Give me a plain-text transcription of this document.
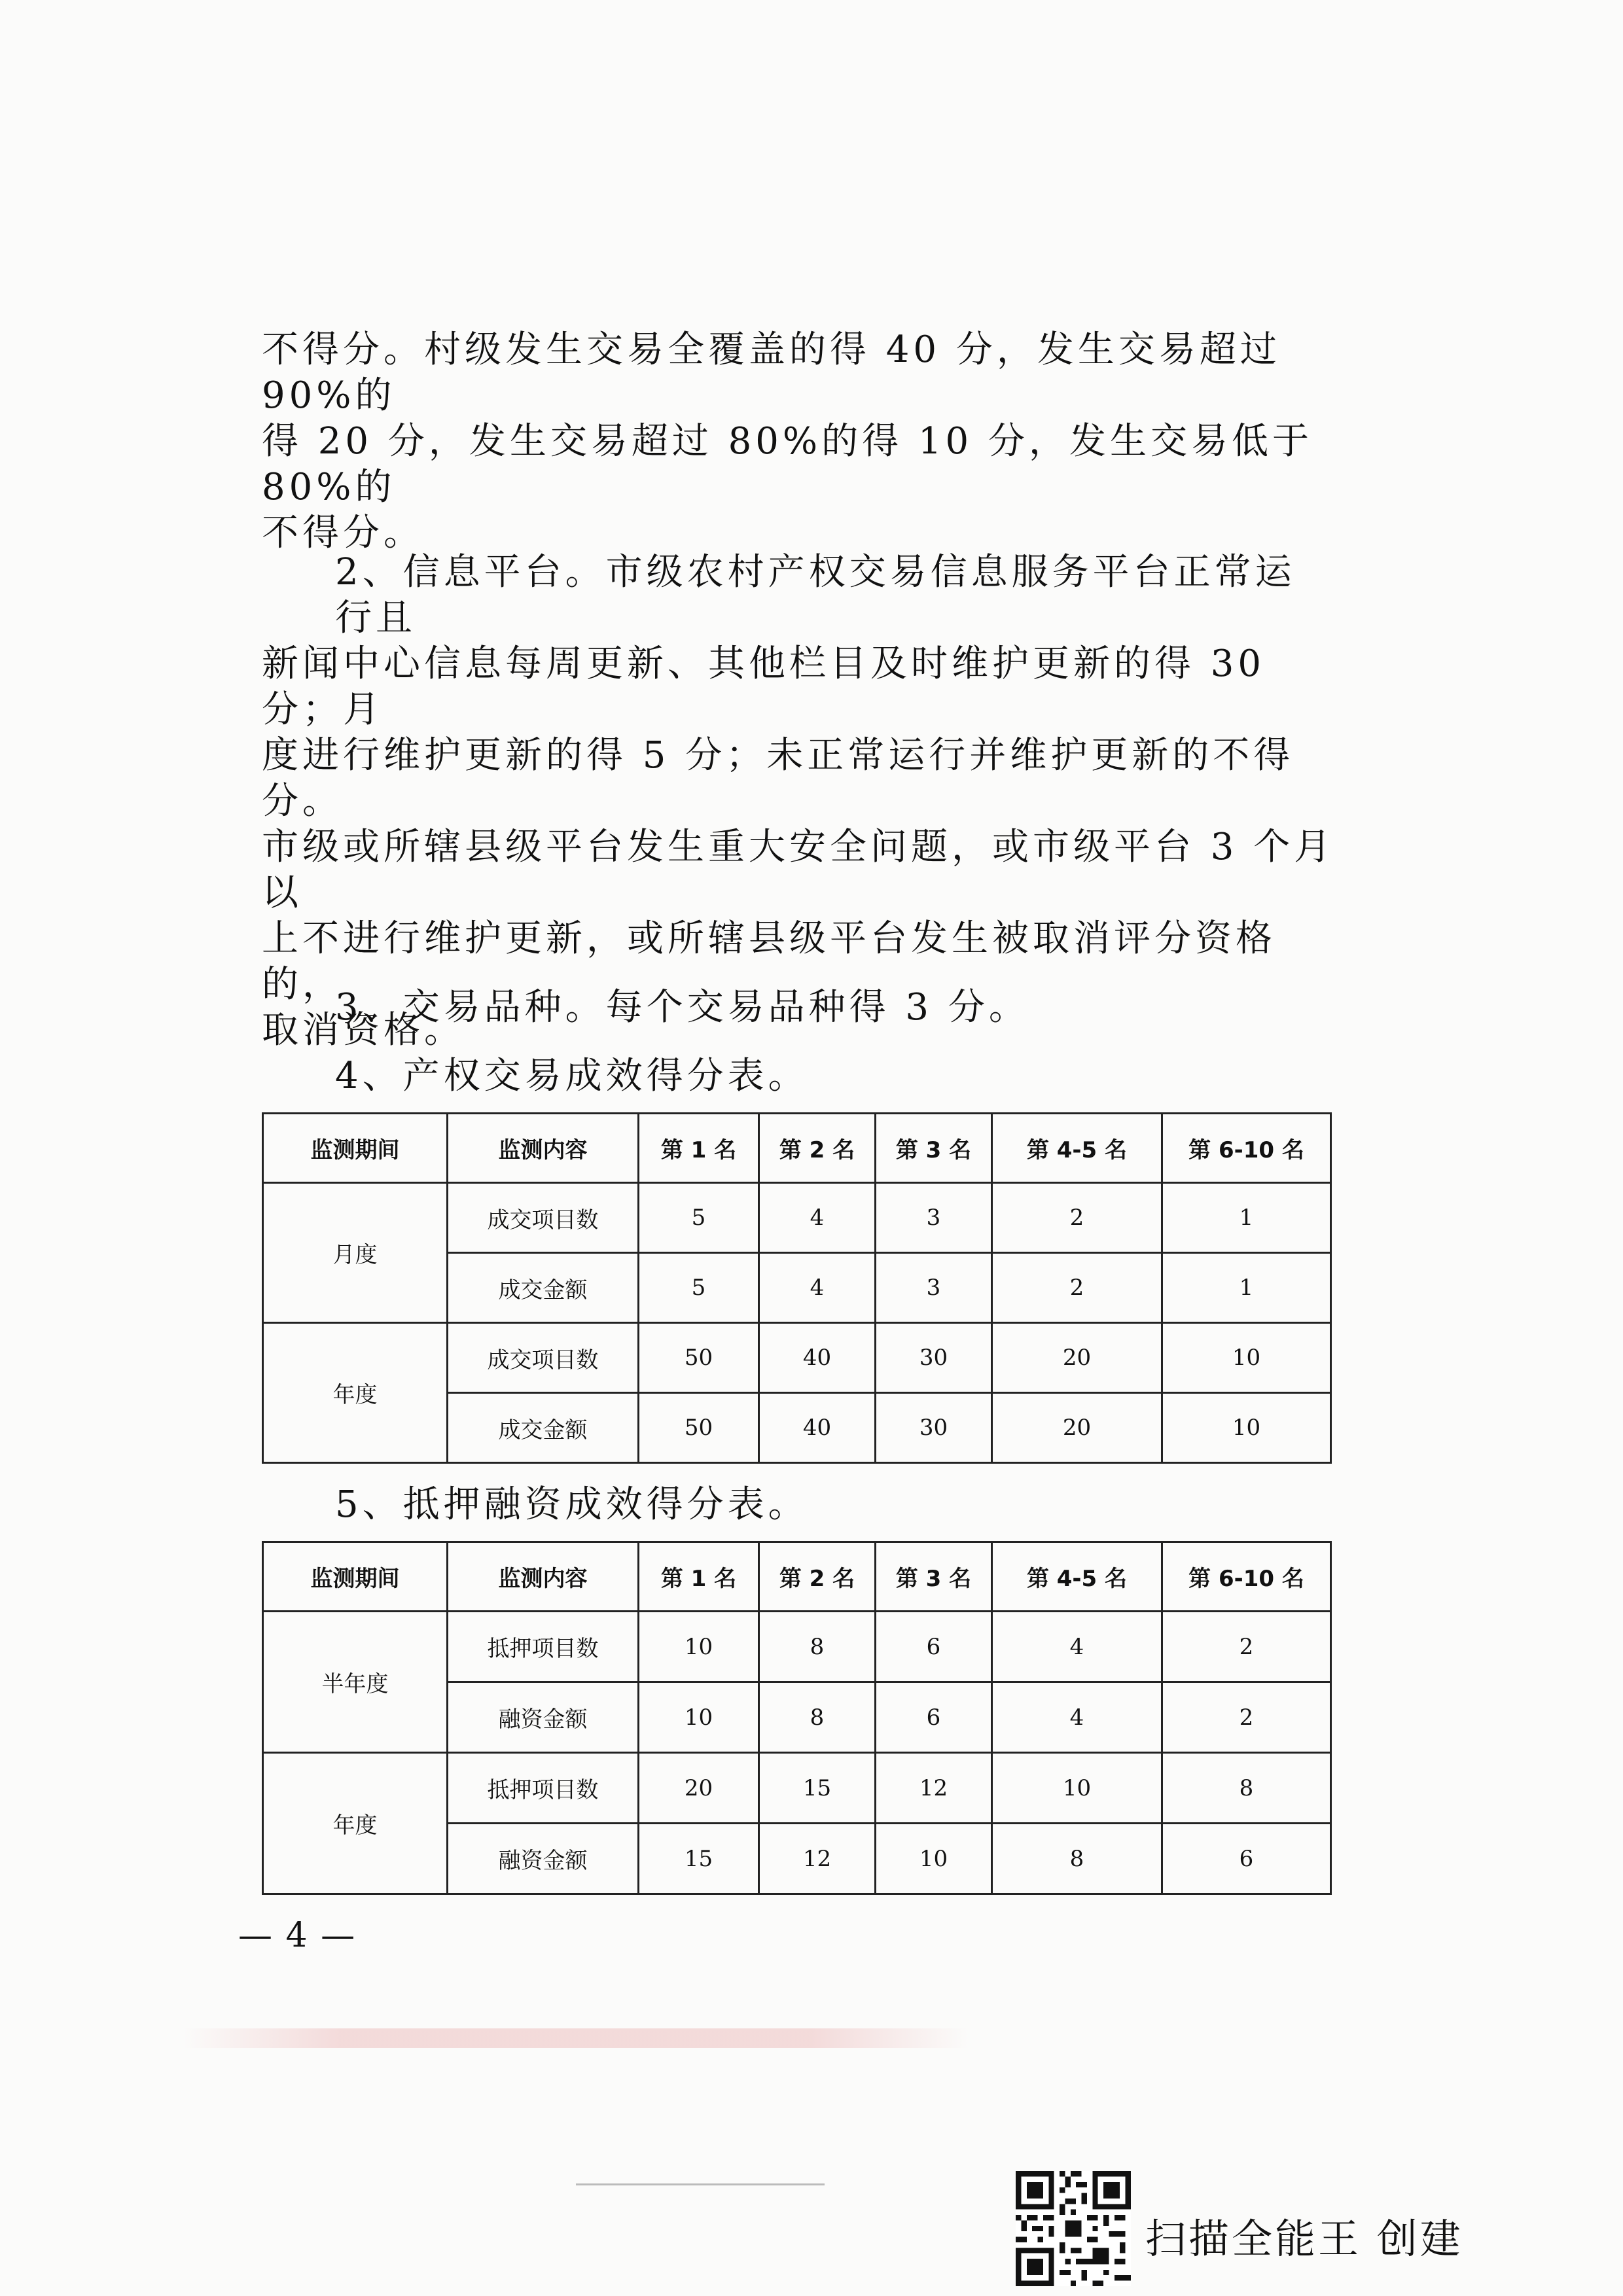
不得分。村级发生交易全覆盖的得 40 分，发生交易超过 90%的
得 20 分，发生交易超过 80%的得 10 分，发生交易低于 80%的
不得分。

2、信息平台。市级农村产权交易信息服务平台正常运行且
新闻中心信息每周更新、其他栏目及时维护更新的得 30 分；月
度进行维护更新的得 5 分；未正常运行并维护更新的不得分。
市级或所辖县级平台发生重大安全问题，或市级平台 3 个月以
上不进行维护更新，或所辖县级平台发生被取消评分资格的，
取消资格。

3、交易品种。每个交易品种得 3 分。

4、产权交易成效得分表。

监测期间	监测内容	第 1 名	第 2 名	第 3 名	第 4-5 名	第 6-10 名
月度	成交项目数	5	4	3	2	1
	成交金额	5	4	3	2	1
年度	成交项目数	50	40	30	20	10
	成交金额	50	40	30	20	10

5、抵押融资成效得分表。

监测期间	监测内容	第 1 名	第 2 名	第 3 名	第 4-5 名	第 6-10 名
半年度	抵押项目数	10	8	6	4	2
	融资金额	10	8	6	4	2
年度	抵押项目数	20	15	12	10	8
	融资金额	15	12	10	8	6
— 4 —
扫描全能王 创建
